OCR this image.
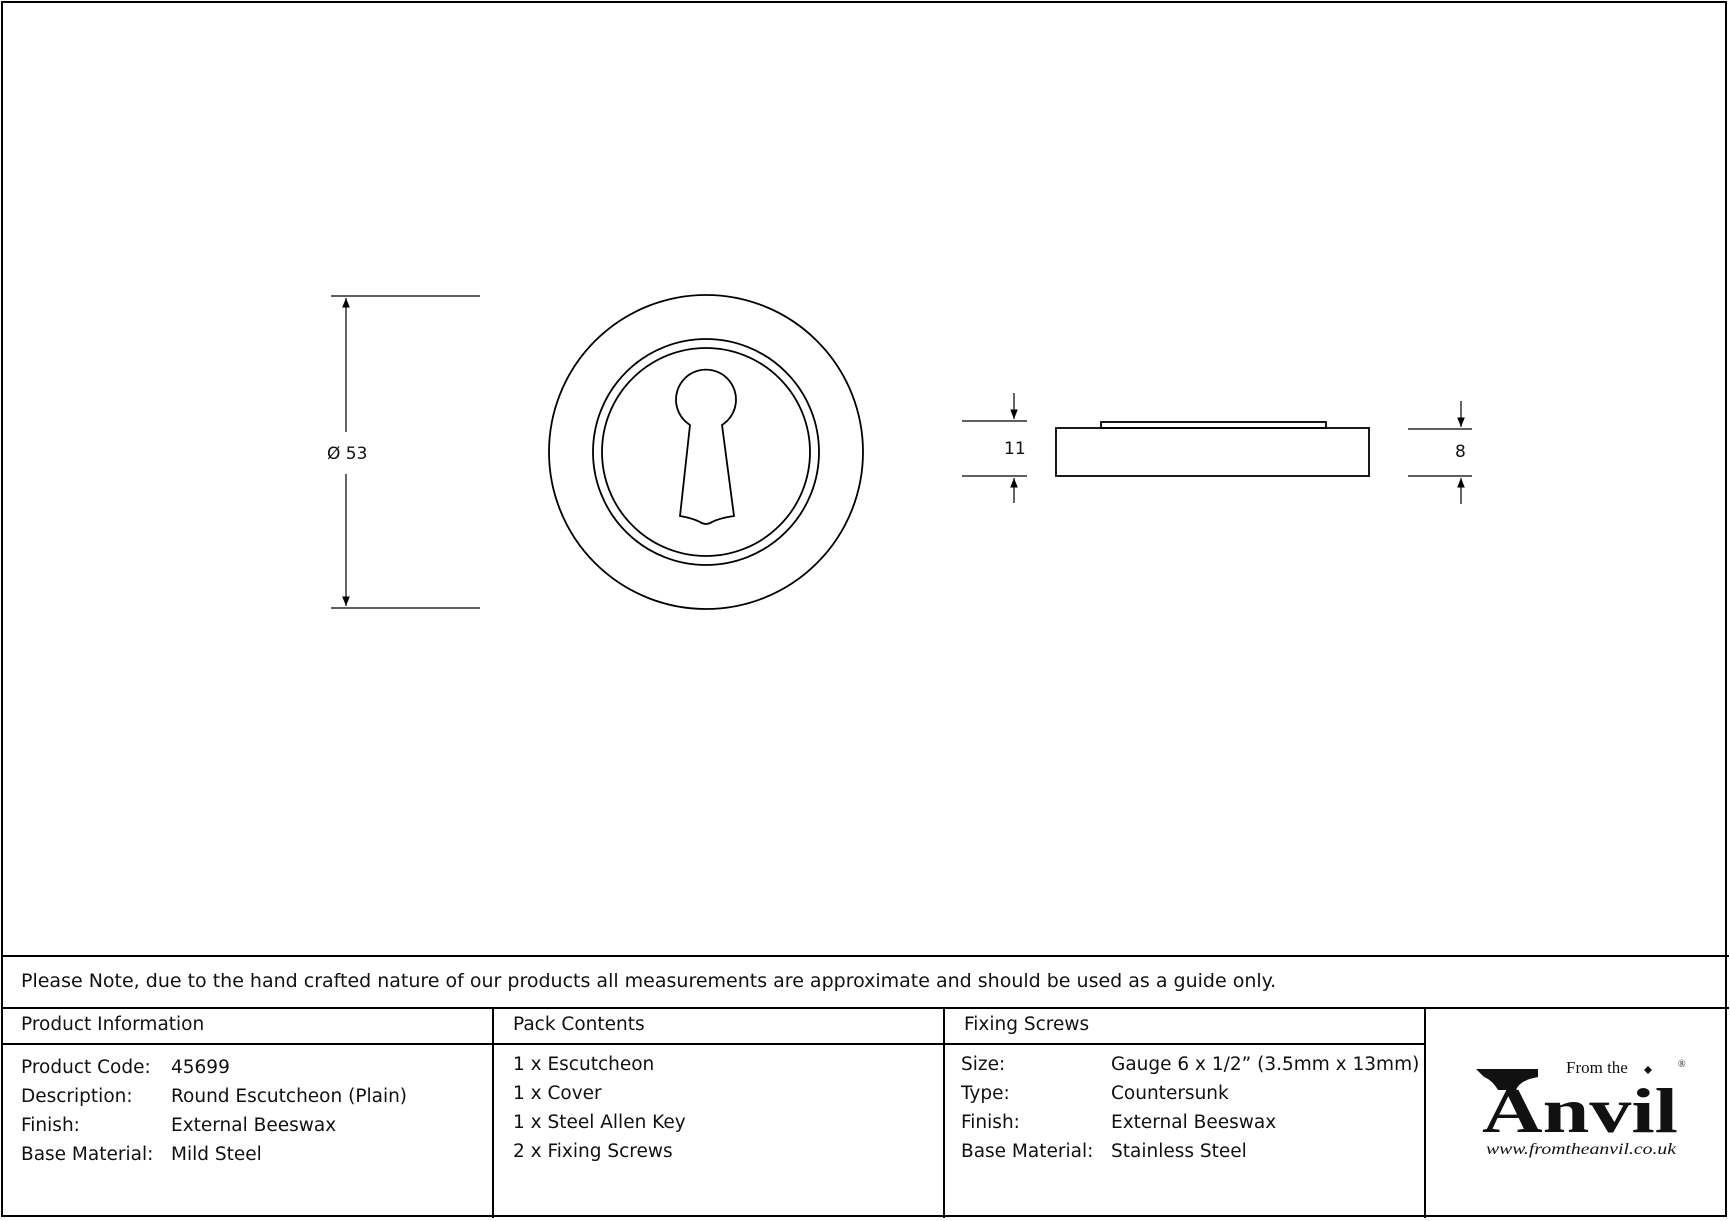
Ø 53	11	8
Please Note, due to the hand crafted nature of our products all measurements are approximate and should be used as a guide only.
Product Information
Product Code: 45699
Description: Round Escutcheon (Plain)
Finish:	External Beeswax
Base Material: Mild Steel
Pack Contents
1 x Escutcheon
1 x Cover
1 x Steel Allen Key
2 x Fixing Screws
Fixing Screws
Size:	Gauge 6 x 1/2” (3.5mm x 13mm)
Type:	Countersunk
Finish:	External Beeswax
Base Material: Stainless Steel
From the	®
Anvil
www.fromtheanvil.co.uk
